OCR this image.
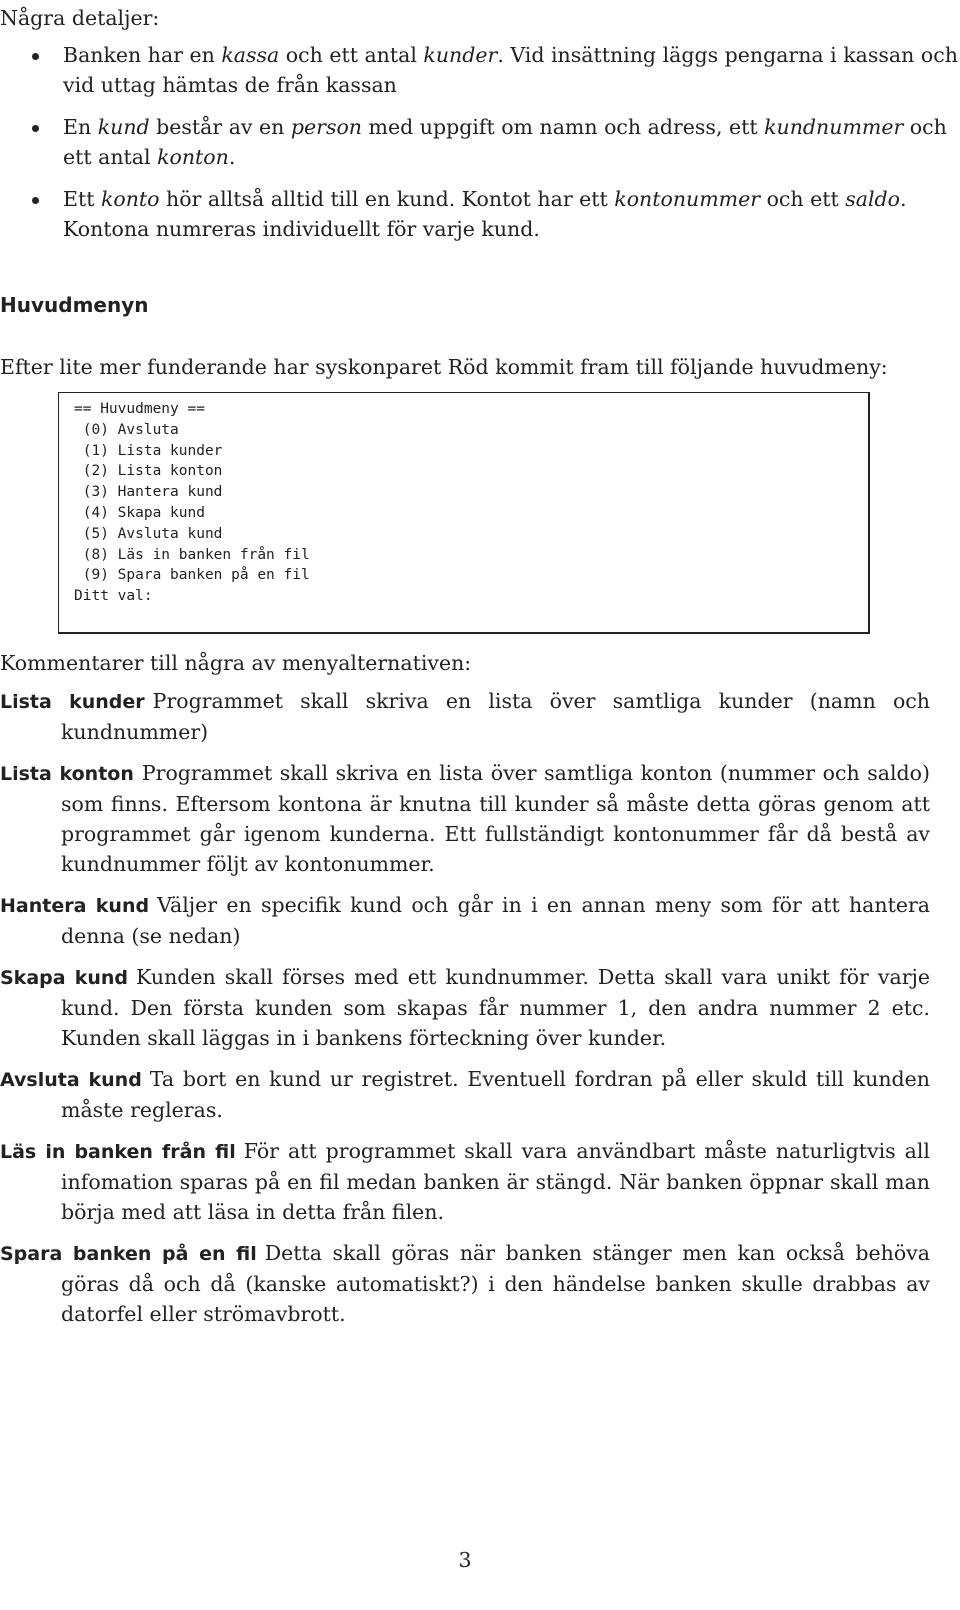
Några detaljer:

Banken har en kassa och ett antal kunder. Vid insättning läggs pengarna i kassan och vid uttag hämtas de från kassan
En kund består av en person med uppgift om namn och adress, ett kundnummer och ett antal konton.
Ett konto hör alltså alltid till en kund. Kontot har ett kontonummer och ett saldo. Kontona numreras individuellt för varje kund.
Huvudmenyn

Efter lite mer funderande har syskonparet Röd kommit fram till följande huvudmeny:

== Huvudmeny ==
(0) Avsluta
(1) Lista kunder
(2) Lista konton
(3) Hantera kund
(4) Skapa kund
(5) Avsluta kund
(8) Läs in banken från fil
(9) Spara banken på en fil
Ditt val:

Kommentarer till några av menyalternativen:

Lista kunder Programmet skall skriva en lista över samtliga kunder (namn och kundnummer)

Lista konton Programmet skall skriva en lista över samtliga konton (nummer och saldo) som finns. Eftersom kontona är knutna till kunder så måste detta göras genom att programmet går igenom kunderna. Ett fullständigt kontonummer får då bestå av kundnummer följt av kontonummer.

Hantera kund Väljer en specifik kund och går in i en annan meny som för att hantera denna (se nedan)

Skapa kund Kunden skall förses med ett kundnummer. Detta skall vara unikt för varje kund. Den första kunden som skapas får nummer 1, den andra nummer 2 etc. Kunden skall läggas in i bankens förteckning över kunder.

Avsluta kund Ta bort en kund ur registret. Eventuell fordran på eller skuld till kunden måste regleras.

Läs in banken från fil För att programmet skall vara användbart måste naturligtvis all infomation sparas på en fil medan banken är stängd. När banken öppnar skall man börja med att läsa in detta från filen.

Spara banken på en fil Detta skall göras när banken stänger men kan också behöva göras då och då (kanske automatiskt?) i den händelse banken skulle drabbas av datorfel eller strömavbrott.

3
